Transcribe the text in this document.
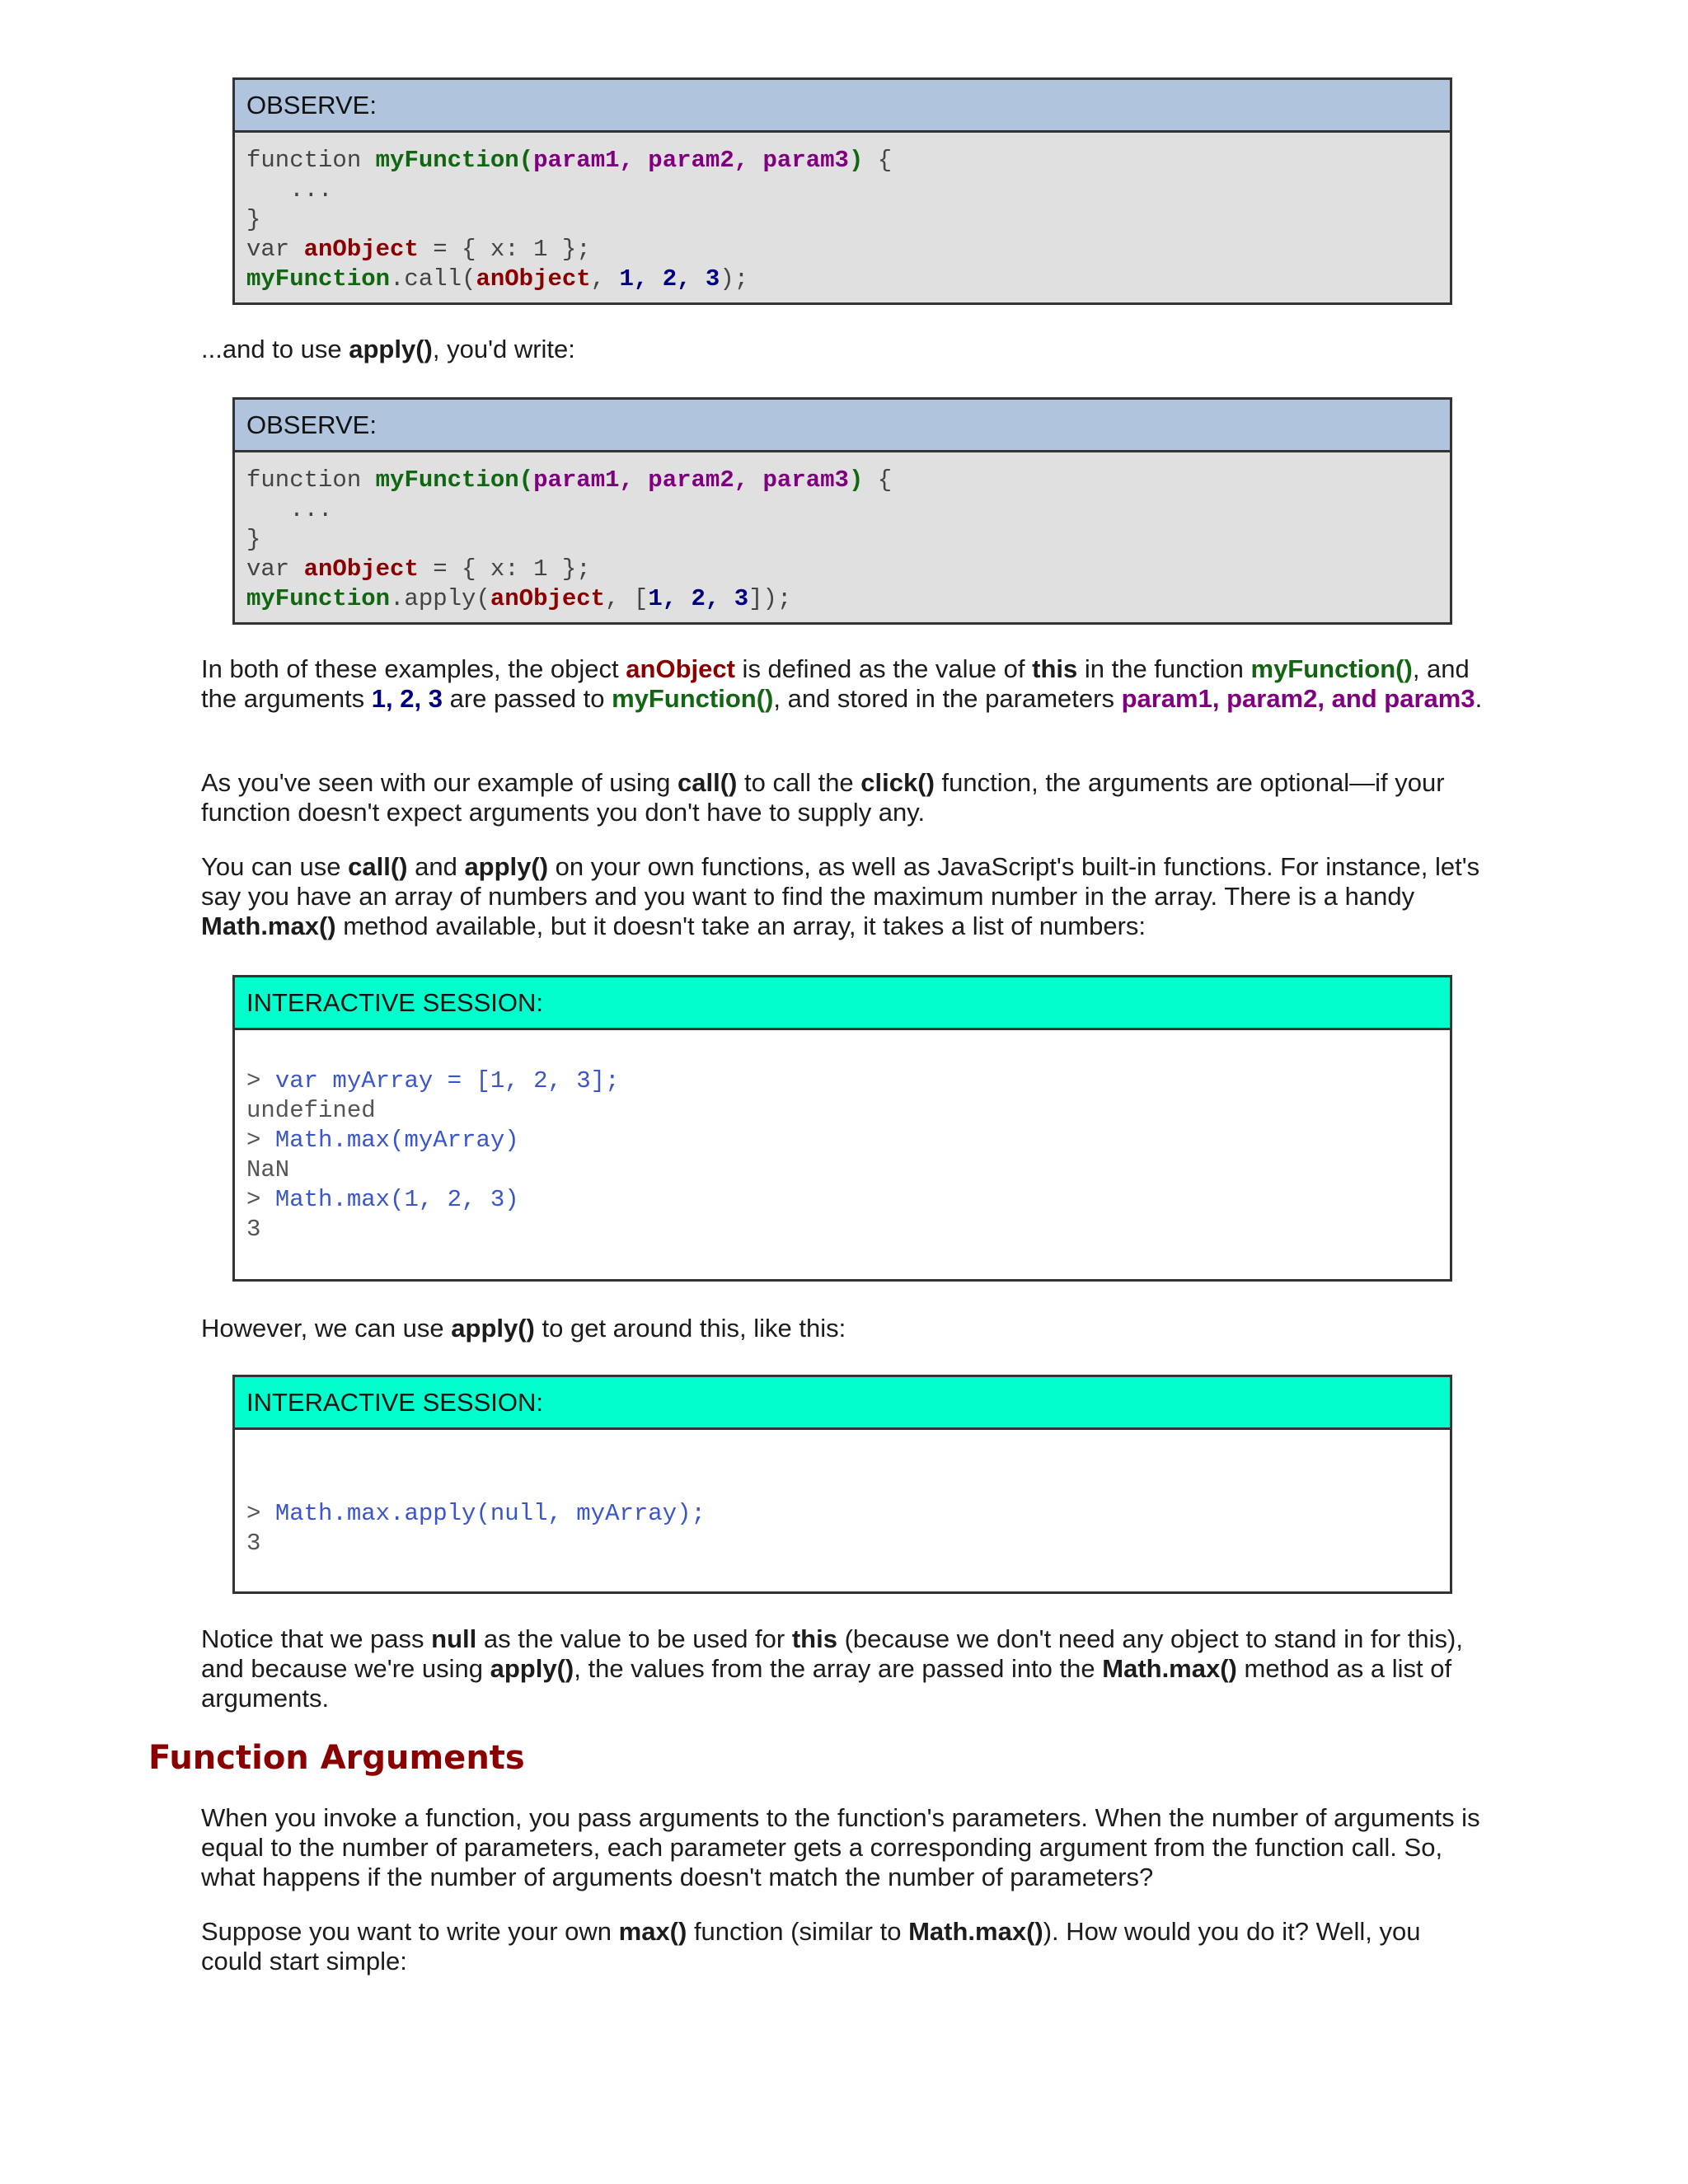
OBSERVE:
function myFunction(param1, param2, param3) {
...
}
var anObject = { x: 1 };
myFunction.call(anObject, 1, 2, 3);

...and to use apply(), you'd write:

OBSERVE:
function myFunction(param1, param2, param3) {
...
}
var anObject = { x: 1 };
myFunction.apply(anObject, [1, 2, 3]);

In both of these examples, the object anObject is defined as the value of this in the function myFunction(), and the arguments 1, 2, 3 are passed to myFunction(), and stored in the parameters param1, param2, and param3.

As you've seen with our example of using call() to call the click() function, the arguments are optional—if your function doesn't expect arguments you don't have to supply any.

You can use call() and apply() on your own functions, as well as JavaScript's built-in functions. For instance, let's say you have an array of numbers and you want to find the maximum number in the array. There is a handy Math.max() method available, but it doesn't take an array, it takes a list of numbers:

INTERACTIVE SESSION:
> var myArray = [1, 2, 3];
undefined
> Math.max(myArray)
NaN
> Math.max(1, 2, 3)
3

However, we can use apply() to get around this, like this:

INTERACTIVE SESSION:
> Math.max.apply(null, myArray);
3

Notice that we pass null as the value to be used for this (because we don't need any object to stand in for this), and because we're using apply(), the values from the array are passed into the Math.max() method as a list of arguments.

Function Arguments

When you invoke a function, you pass arguments to the function's parameters. When the number of arguments is equal to the number of parameters, each parameter gets a corresponding argument from the function call. So, what happens if the number of arguments doesn't match the number of parameters?

Suppose you want to write your own max() function (similar to Math.max()). How would you do it? Well, you could start simple:
